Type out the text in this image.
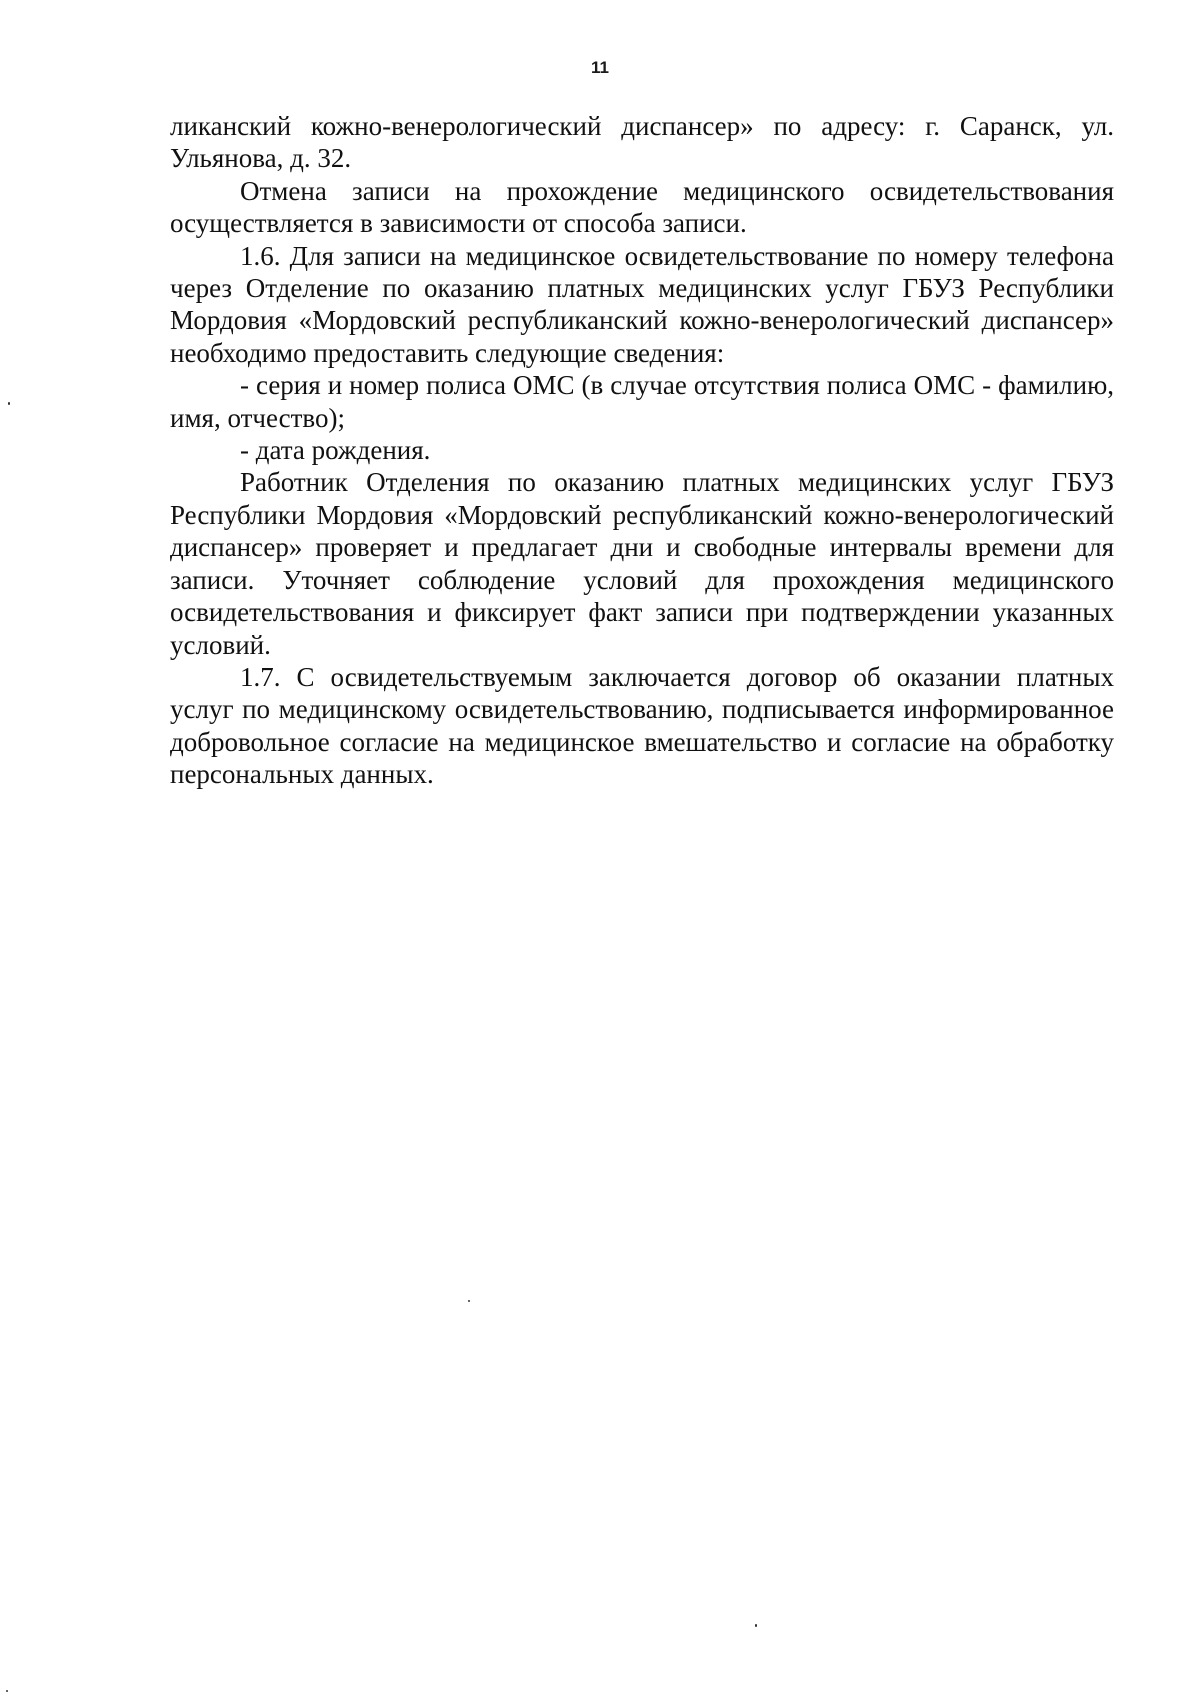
11

ликанский кожно-венерологический диспансер» по адресу: г. Саранск, ул. Ульянова, д. 32.

Отмена записи на прохождение медицинского освидетельствования осуществляется в зависимости от способа записи.

1.6. Для записи на медицинское освидетельствование по номеру телефона через Отделение по оказанию платных медицинских услуг ГБУЗ Республики Мордовия «Мордовский республиканский кожно-венерологический диспансер» необходимо предоставить следующие сведения:

- серия и номер полиса ОМС (в случае отсутствия полиса ОМС - фамилию, имя, отчество);

- дата рождения.

Работник Отделения по оказанию платных медицинских услуг ГБУЗ Республики Мордовия «Мордовский республиканский кожно-венерологический диспансер» проверяет и предлагает дни и свободные интервалы времени для записи. Уточняет соблюдение условий для прохождения медицинского освидетельствования и фиксирует факт записи при подтверждении указанных условий.

1.7. С освидетельствуемым заключается договор об оказании платных услуг по медицинскому освидетельствованию, подписывается информированное добровольное согласие на медицинское вмешательство и согласие на обработку персональных данных.
